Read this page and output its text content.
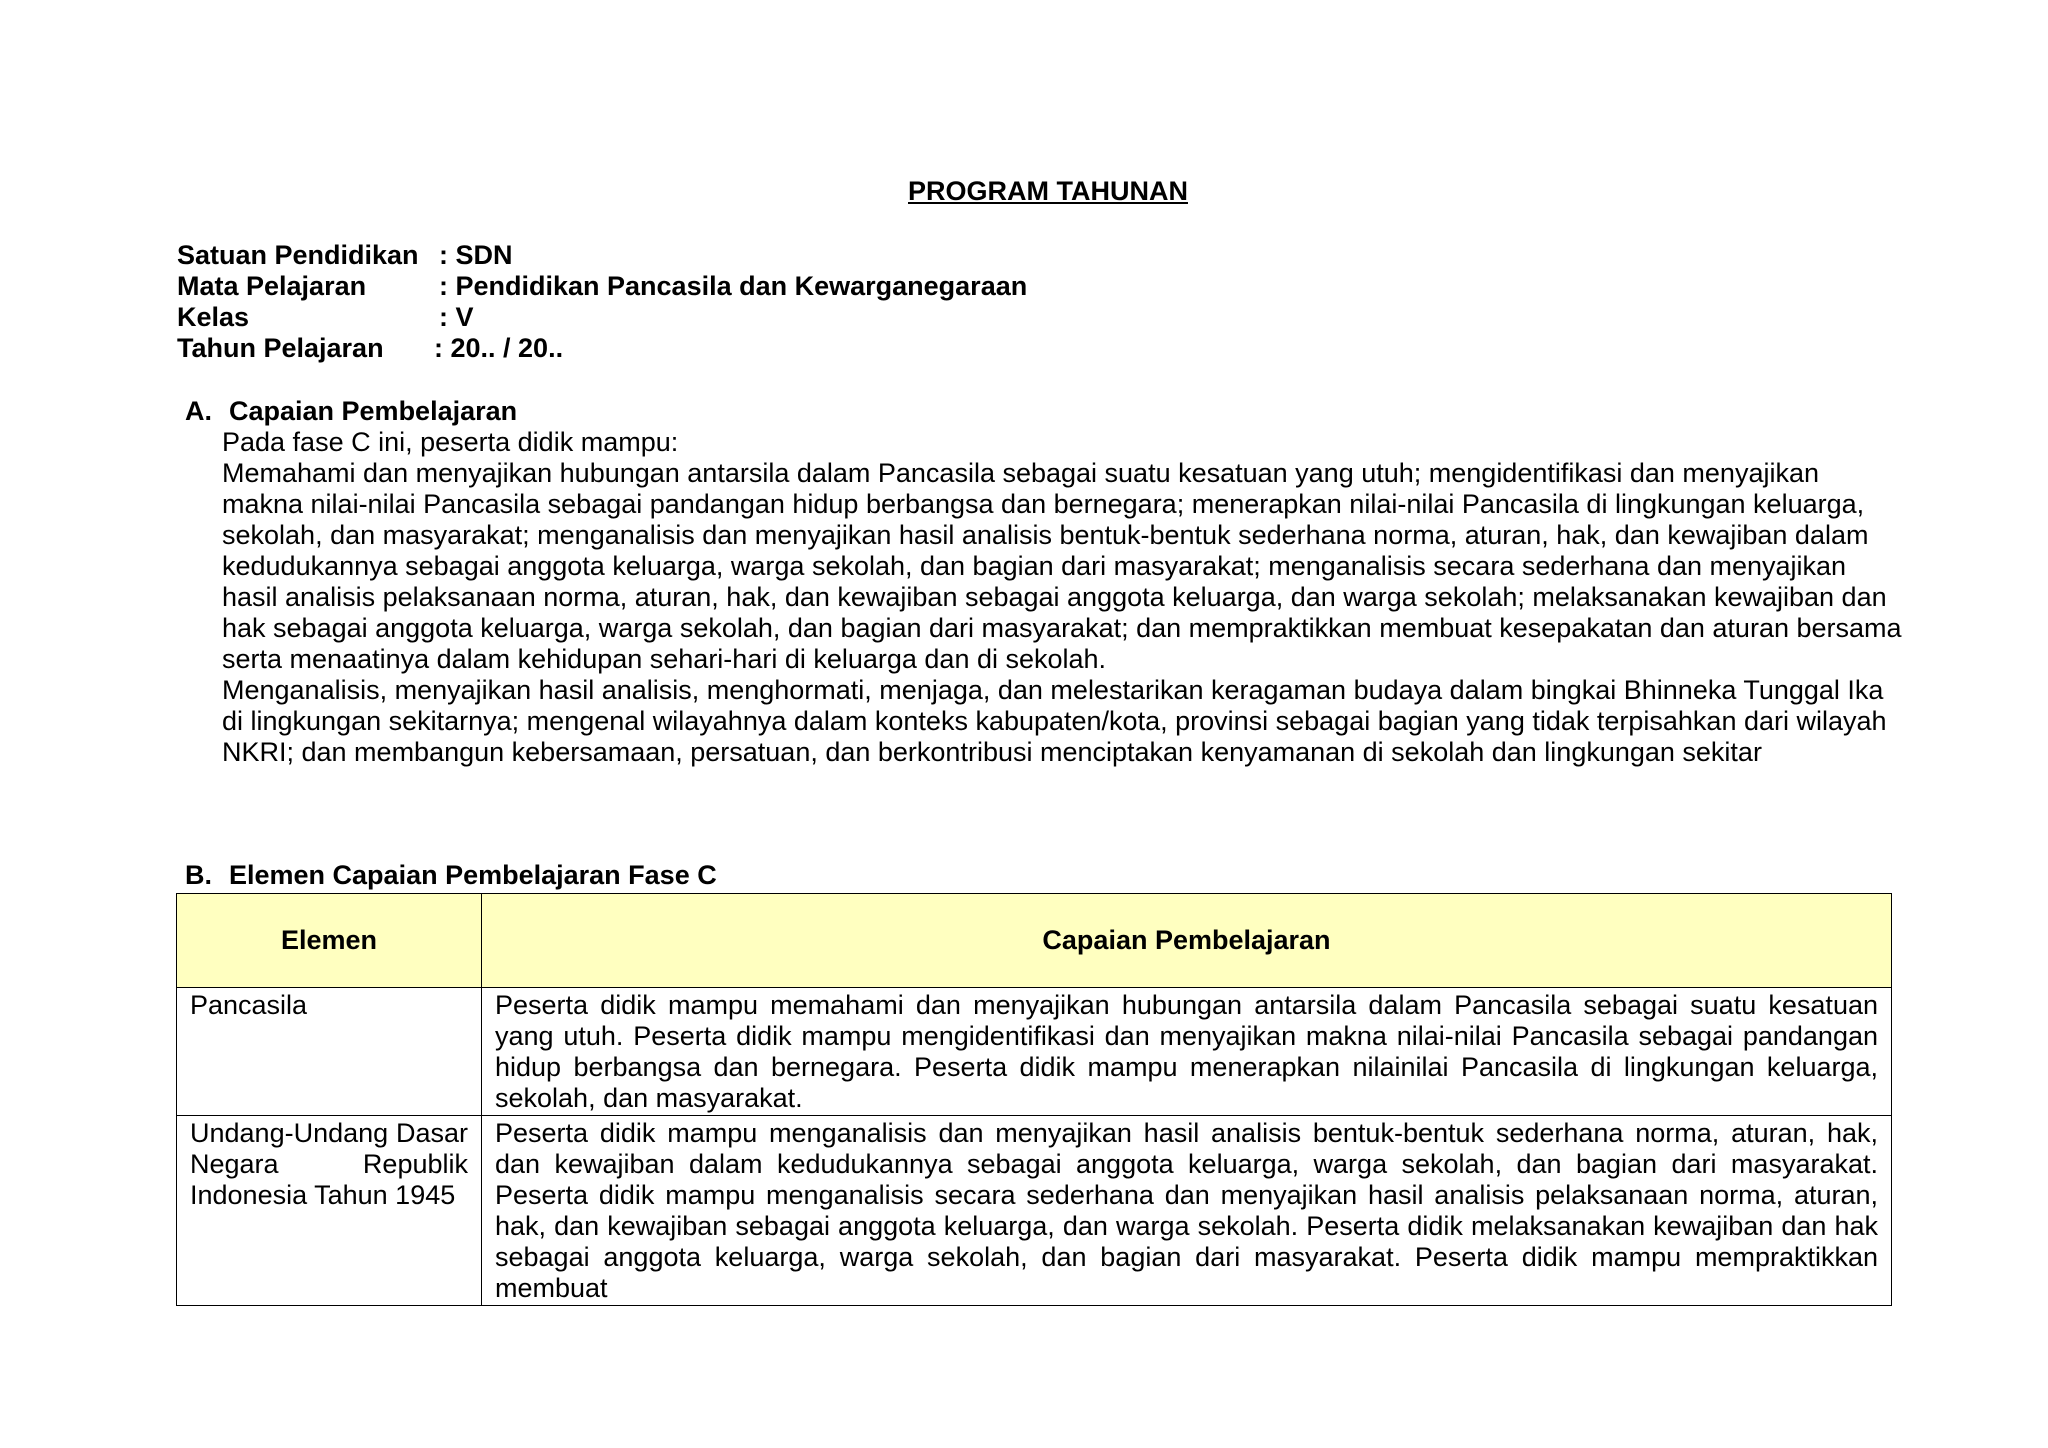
PROGRAM TAHUNAN
Satuan Pendidikan : SDN
Mata Pelajaran	: Pendidikan Pancasila dan Kewarganegaraan
Kelas	: V
Tahun Pelajaran	: 20.. / 20..
A. Capaian Pembelajaran

Pada fase C ini, peserta didik mampu:

Memahami dan menyajikan hubungan antarsila dalam Pancasila sebagai suatu kesatuan yang utuh; mengidentifikasi dan menyajikan makna nilai-nilai Pancasila sebagai pandangan hidup berbangsa dan bernegara; menerapkan nilai-nilai Pancasila di lingkungan keluarga, sekolah, dan masyarakat; menganalisis dan menyajikan hasil analisis bentuk-bentuk sederhana norma, aturan, hak, dan kewajiban dalam kedudukannya sebagai anggota keluarga, warga sekolah, dan bagian dari masyarakat; menganalisis secara sederhana dan menyajikan hasil analisis pelaksanaan norma, aturan, hak, dan kewajiban sebagai anggota keluarga, dan warga sekolah; melaksanakan kewajiban dan hak sebagai anggota keluarga, warga sekolah, dan bagian dari masyarakat; dan mempraktikkan membuat kesepakatan dan aturan bersama serta menaatinya dalam kehidupan sehari-hari di keluarga dan di sekolah.

Menganalisis, menyajikan hasil analisis, menghormati, menjaga, dan melestarikan keragaman budaya dalam bingkai Bhinneka Tunggal Ika di lingkungan sekitarnya; mengenal wilayahnya dalam konteks kabupaten/kota, provinsi sebagai bagian yang tidak terpisahkan dari wilayah NKRI; dan membangun kebersamaan, persatuan, dan berkontribusi menciptakan kenyamanan di sekolah dan lingkungan sekitar

B. Elemen Capaian Pembelajaran Fase C
Elemen	Capaian Pembelajaran
Pancasila	Peserta didik mampu memahami dan menyajikan hubungan antarsila dalam Pancasila sebagai suatu kesatuan yang utuh. Peserta didik mampu mengidentifikasi dan menyajikan makna nilai-nilai Pancasila sebagai pandangan hidup berbangsa dan bernegara. Peserta didik mampu menerapkan nilainilai Pancasila di lingkungan keluarga, sekolah, dan masyarakat.
Undang-Undang Dasar Negara Republik Indonesia Tahun 1945	Peserta didik mampu menganalisis dan menyajikan hasil analisis bentuk-bentuk sederhana norma, aturan, hak, dan kewajiban dalam kedudukannya sebagai anggota keluarga, warga sekolah, dan bagian dari masyarakat. Peserta didik mampu menganalisis secara sederhana dan menyajikan hasil analisis pelaksanaan norma, aturan, hak, dan kewajiban sebagai anggota keluarga, dan warga sekolah. Peserta didik melaksanakan kewajiban dan hak sebagai anggota keluarga, warga sekolah, dan bagian dari masyarakat. Peserta didik mampu mempraktikkan membuat
